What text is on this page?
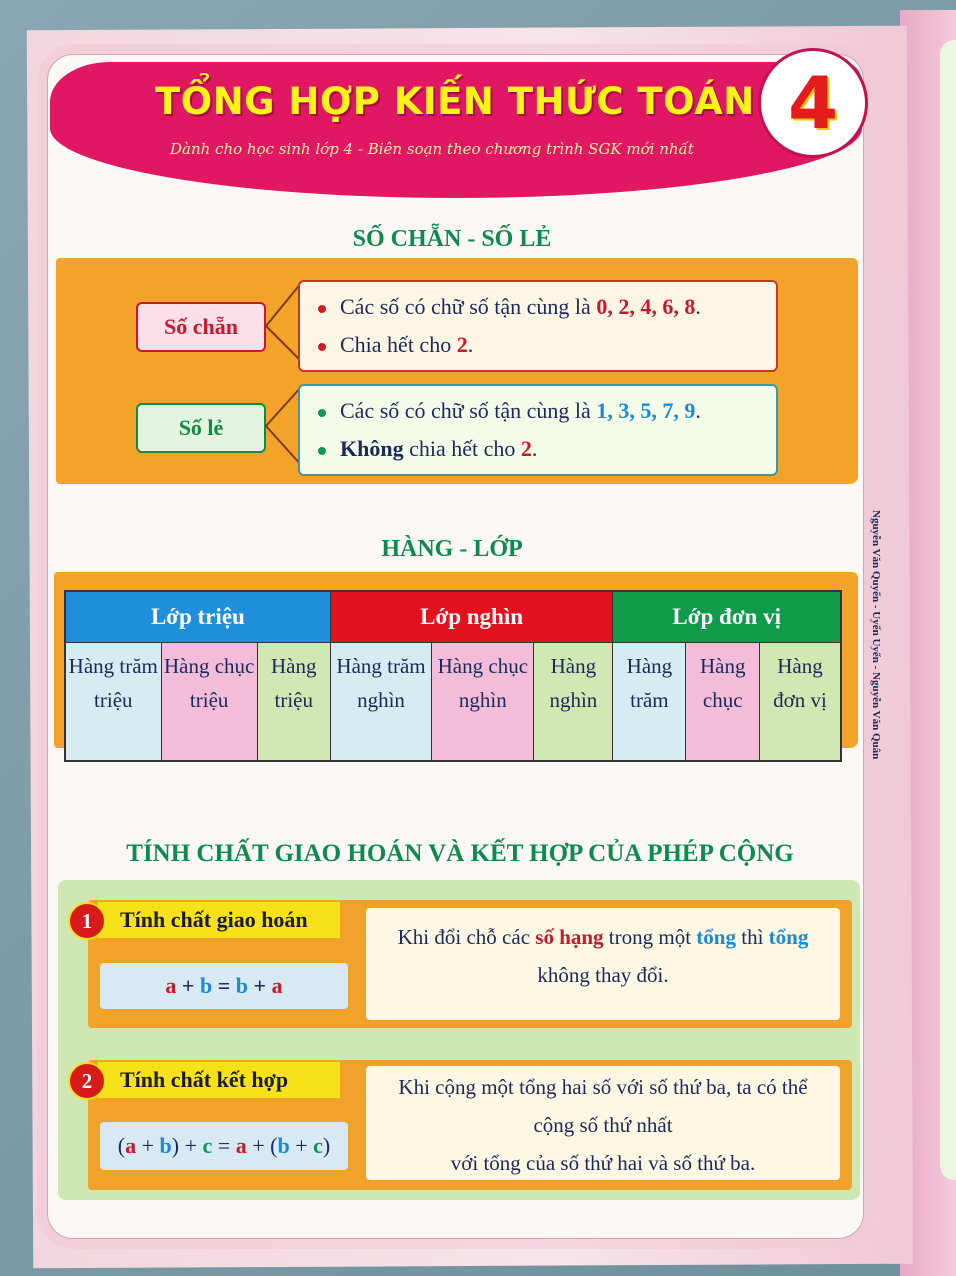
TỔNG HỢP KIẾN THỨC TOÁN
Dành cho học sinh lớp 4 - Biên soạn theo chương trình SGK mới nhất
4
Nguyễn Văn Quyến - Uyển Uyển - Nguyễn Văn Quân
SỐ CHẴN - SỐ LẺ
Số chẵn
Các số có chữ số tận cùng là 0, 2, 4, 6, 8.
Chia hết cho 2.
Số lẻ
Các số có chữ số tận cùng là 1, 3, 5, 7, 9.
Không chia hết cho 2.
HÀNG - LỚP
Lớp triệu			Lớp nghìn			Lớp đơn vị		
Hàng trăm triệu	Hàng chục triệu	Hàng triệu	Hàng trăm nghìn	Hàng chục nghìn	Hàng nghìn	Hàng trăm	Hàng chục	Hàng đơn vị
TÍNH CHẤT GIAO HOÁN VÀ KẾT HỢP CỦA PHÉP CỘNG
Tính chất giao hoán
1
a + b = b + a
Khi đổi chỗ các số hạng trong một tổng thì tổng
không thay đổi.
Tính chất kết hợp
2
( a + b ) + c = a + ( b + c )
Khi cộng một tổng hai số với số thứ ba, ta có thể
cộng số thứ nhất
với tổng của số thứ hai và số thứ ba.
